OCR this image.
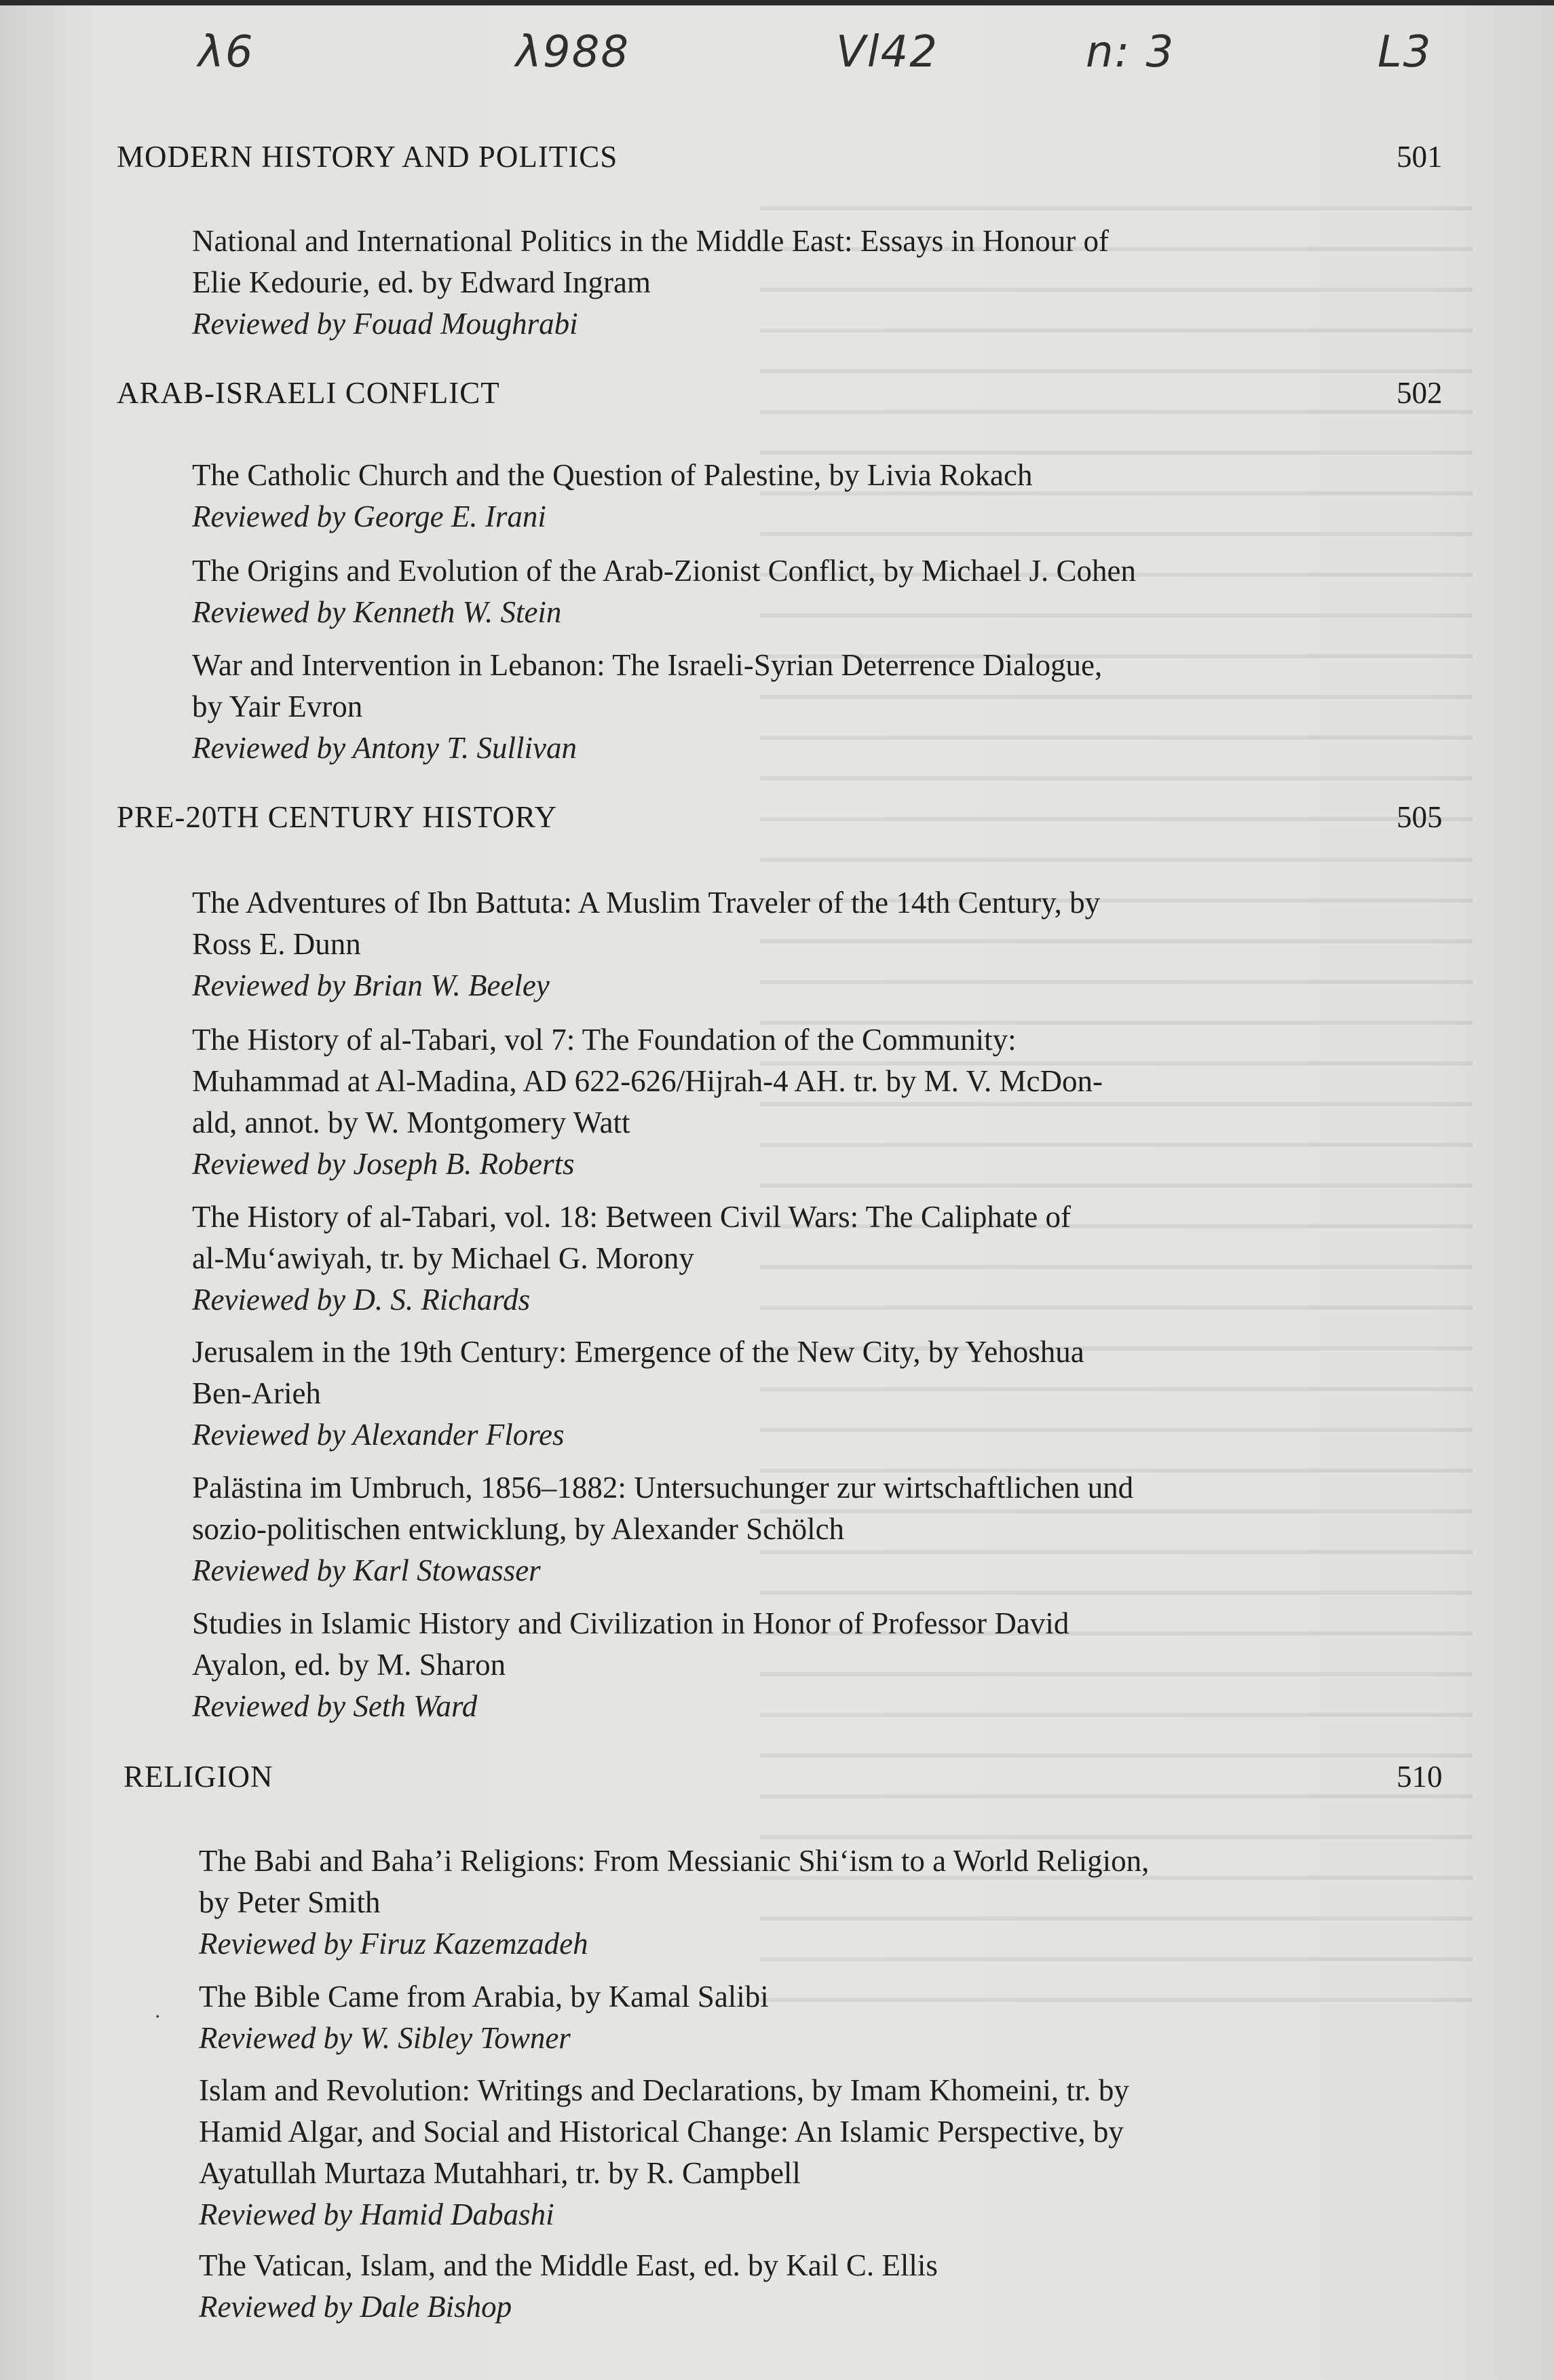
λ6	λ988	Vl42	n: 3	L3
MODERN HISTORY AND POLITICS	501
National and International Politics in the Middle East: Essays in Honour of
Elie Kedourie, ed. by Edward Ingram
Reviewed by Fouad Moughrabi
ARAB-ISRAELI CONFLICT	502
The Catholic Church and the Question of Palestine, by Livia Rokach
Reviewed by George E. Irani
The Origins and Evolution of the Arab-Zionist Conflict, by Michael J. Cohen
Reviewed by Kenneth W. Stein
War and Intervention in Lebanon: The Israeli-Syrian Deterrence Dialogue,
by Yair Evron
Reviewed by Antony T. Sullivan
PRE-20TH CENTURY HISTORY	505
The Adventures of Ibn Battuta: A Muslim Traveler of the 14th Century, by
Ross E. Dunn
Reviewed by Brian W. Beeley
The History of al-Tabari, vol 7: The Foundation of the Community:
Muhammad at Al-Madina, AD 622-626/Hijrah-4 AH. tr. by M. V. McDon-
ald, annot. by W. Montgomery Watt
Reviewed by Joseph B. Roberts
The History of al-Tabari, vol. 18: Between Civil Wars: The Caliphate of
al-Mu‘awiyah, tr. by Michael G. Morony
Reviewed by D. S. Richards
Jerusalem in the 19th Century: Emergence of the New City, by Yehoshua
Ben-Arieh
Reviewed by Alexander Flores
Palästina im Umbruch, 1856–1882: Untersuchunger zur wirtschaftlichen und
sozio-politischen entwicklung, by Alexander Schölch
Reviewed by Karl Stowasser
Studies in Islamic History and Civilization in Honor of Professor David
Ayalon, ed. by M. Sharon
Reviewed by Seth Ward
RELIGION	510
The Babi and Baha’i Religions: From Messianic Shi‘ism to a World Religion,
by Peter Smith
Reviewed by Firuz Kazemzadeh
. The Bible Came from Arabia, by Kamal Salibi
Reviewed by W. Sibley Towner
Islam and Revolution: Writings and Declarations, by Imam Khomeini, tr. by
Hamid Algar, and Social and Historical Change: An Islamic Perspective, by
Ayatullah Murtaza Mutahhari, tr. by R. Campbell
Reviewed by Hamid Dabashi
The Vatican, Islam, and the Middle East, ed. by Kail C. Ellis
Reviewed by Dale Bishop
